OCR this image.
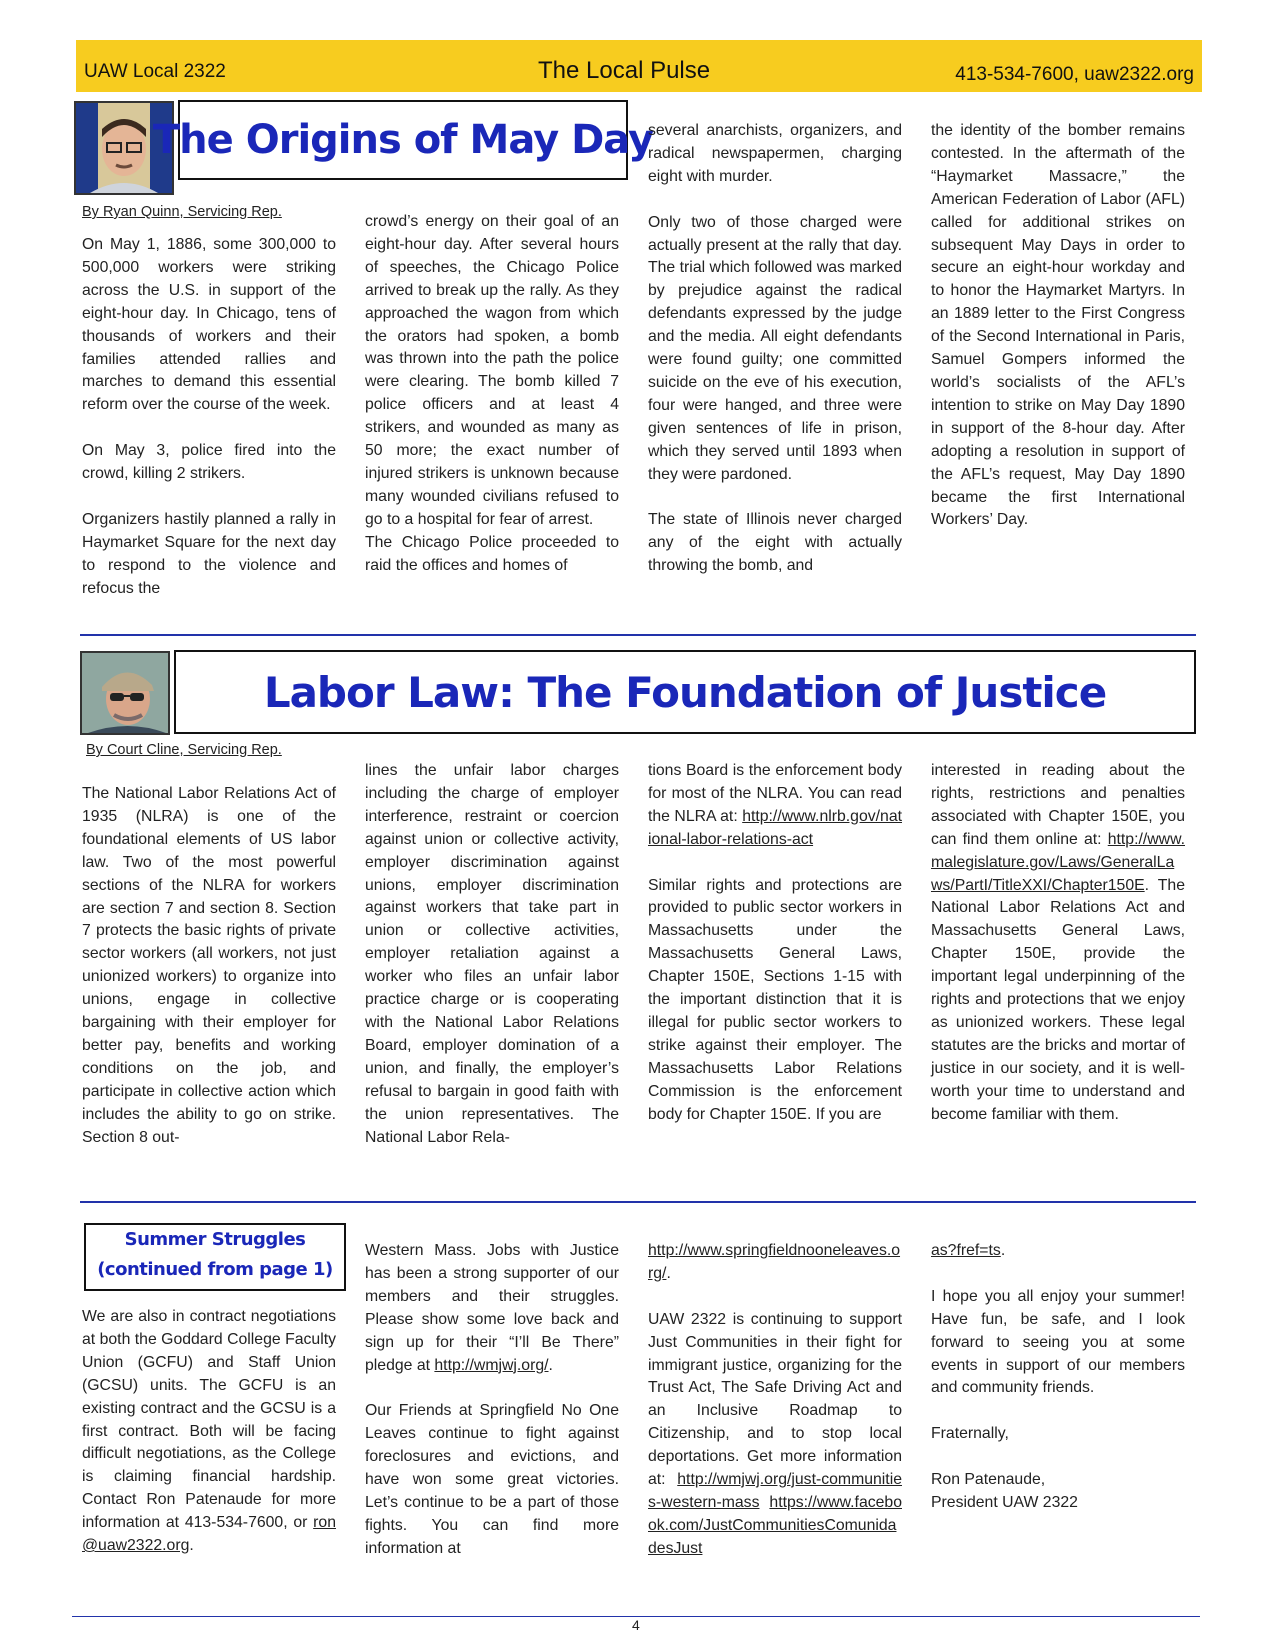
UAW Local 2322	The Local Pulse	413-534-7600, uaw2322.org
The Origins of May Day
By Ryan Quinn, Servicing Rep.

On May 1, 1886, some 300,000 to 500,000 workers were striking across the U.S. in support of the eight-hour day. In Chicago, tens of thousands of workers and their families attended rallies and marches to demand this essential reform over the course of the week.

On May 3, police fired into the crowd, killing 2 strikers.

Organizers hastily planned a rally in Haymarket Square for the next day to respond to the violence and refocus the

crowd’s energy on their goal of an eight-hour day. After several hours of speeches, the Chicago Police arrived to break up the rally. As they approached the wagon from which the orators had spoken, a bomb was thrown into the path the police were clearing. The bomb killed 7 police officers and at least 4 strikers, and wounded as many as 50 more; the exact number of injured strikers is unknown because many wounded civilians refused to go to a hospital for fear of arrest.

The Chicago Police proceeded to raid the offices and homes of

several anarchists, organizers, and radical newspapermen, charging eight with murder.

Only two of those charged were actually present at the rally that day. The trial which followed was marked by prejudice against the radical defendants expressed by the judge and the media. All eight defendants were found guilty; one committed suicide on the eve of his execution, four were hanged, and three were given sentences of life in prison, which they served until 1893 when they were pardoned.

The state of Illinois never charged any of the eight with actually throwing the bomb, and

the identity of the bomber remains contested. In the aftermath of the “Haymarket Massacre,” the American Federation of Labor (AFL) called for additional strikes on subsequent May Days in order to secure an eight-hour workday and to honor the Haymarket Martyrs. In an 1889 letter to the First Congress of the Second International in Paris, Samuel Gompers informed the world’s socialists of the AFL’s intention to strike on May Day 1890 in support of the 8-hour day. After adopting a resolution in support of the AFL’s request, May Day 1890 became the first International Workers’ Day.

Labor Law: The Foundation of Justice
By Court Cline, Servicing Rep.

The National Labor Relations Act of 1935 (NLRA) is one of the foundational elements of US labor law. Two of the most powerful sections of the NLRA for workers are section 7 and section 8. Section 7 protects the basic rights of private sector workers (all workers, not just unionized workers) to organize into unions, engage in collective bargaining with their employer for better pay, benefits and working conditions on the job, and participate in collective action which includes the ability to go on strike. Section 8 out-

lines the unfair labor charges including the charge of employer interference, restraint or coercion against union or collective activity, employer discrimination against unions, employer discrimination against workers that take part in union or collective activities, employer retaliation against a worker who files an unfair labor practice charge or is cooperating with the National Labor Relations Board, employer domination of a union, and finally, the employer’s refusal to bargain in good faith with the union representatives. The National Labor Rela-

tions Board is the enforcement body for most of the NLRA. You can read the NLRA at: http://www.nlrb.gov/national-labor-relations-act

Similar rights and protections are provided to public sector workers in Massachusetts under the Massachusetts General Laws, Chapter 150E, Sections 1-15 with the important distinction that it is illegal for public sector workers to strike against their employer. The Massachusetts Labor Relations Commission is the enforcement body for Chapter 150E. If you are

interested in reading about the rights, restrictions and penalties associated with Chapter 150E, you can find them online at: http://www.malegislature.gov/Laws/GeneralLaws/PartI/TitleXXI/Chapter150E. The National Labor Relations Act and Massachusetts General Laws, Chapter 150E, provide the important legal underpinning of the rights and protections that we enjoy as unionized workers. These legal statutes are the bricks and mortar of justice in our society, and it is well-worth your time to understand and become familiar with them.

Summer Struggles
(continued from page 1)

We are also in contract negotiations at both the Goddard College Faculty Union (GCFU) and Staff Union (GCSU) units. The GCFU is an existing contract and the GCSU is a first contract. Both will be facing difficult negotiations, as the College is claiming financial hardship. Contact Ron Patenaude for more information at 413-534-7600, or ron@uaw2322.org.

Western Mass. Jobs with Justice has been a strong supporter of our members and their struggles. Please show some love back and sign up for their “I’ll Be There” pledge at http://wmjwj.org/.

Our Friends at Springfield No One Leaves continue to fight against foreclosures and evictions, and have won some great victories. Let’s continue to be a part of those fights. You can find more information at

http://www.springfieldnooneleaves.org/.

UAW 2322 is continuing to support Just Communities in their fight for immigrant justice, organizing for the Trust Act, The Safe Driving Act and an Inclusive Roadmap to Citizenship, and to stop local deportations. Get more information at: http://wmjwj.org/just-communities-western-mass https://www.facebook.com/JustCommunitiesComunidadesJust

as?fref=ts.

I hope you all enjoy your summer! Have fun, be safe, and I look forward to seeing you at some events in support of our members and community friends.

Fraternally,

Ron Patenaude,
President UAW 2322

4
